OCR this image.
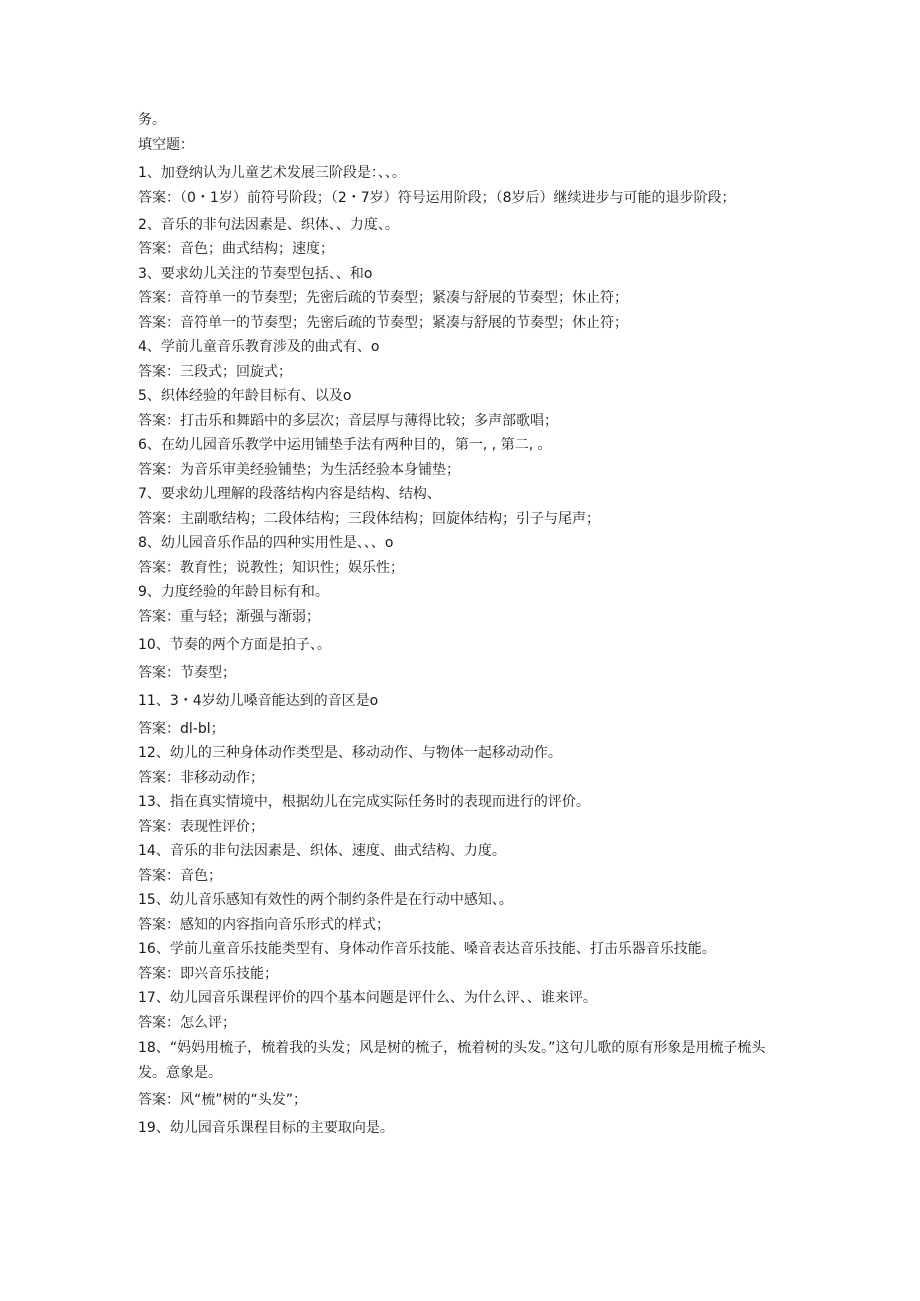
务。
填空题：
1、加登纳认为儿童艺术发展三阶段是：、、。
答案：（0・1岁）前符号阶段；（2・7岁）符号运用阶段；（8岁后）继续进步与可能的退步阶段；
2、音乐的非句法因素是、织体、、力度、。
答案：音色；曲式结构；速度；
3、要求幼儿关注的节奏型包括、、和o
答案：音符单一的节奏型；先密后疏的节奏型；紧凑与舒展的节奏型；休止符；
答案：音符单一的节奏型；先密后疏的节奏型；紧凑与舒展的节奏型；休止符；
4、学前儿童音乐教育涉及的曲式有、o
答案：三段式；回旋式；
5、织体经验的年龄目标有、以及o
答案：打击乐和舞蹈中的多层次；音层厚与薄得比较；多声部歌唱；
6、在幼儿园音乐教学中运用铺垫手法有两种目的，第一, , 第二, 。
答案：为音乐审美经验铺垫；为生活经验本身铺垫；
7、要求幼儿理解的段落结构内容是结构、结构、
答案：主副歌结构；二段体结构；三段体结构；回旋体结构；引子与尾声；
8、幼儿园音乐作品的四种实用性是、、、o
答案：教育性；说教性；知识性；娱乐性；
9、力度经验的年龄目标有和。
答案：重与轻；渐强与渐弱；
10、节奏的两个方面是拍子、。
答案：节奏型；
11、3・4岁幼儿嗓音能达到的音区是o
答案：dl-bl；
12、幼儿的三种身体动作类型是、移动动作、与物体一起移动动作。
答案：非移动动作；
13、指在真实情境中，根据幼儿在完成实际任务时的表现而进行的评价。
答案：表现性评价；
14、音乐的非句法因素是、织体、速度、曲式结构、力度。
答案：音色；
15、幼儿音乐感知有效性的两个制约条件是在行动中感知、。
答案：感知的内容指向音乐形式的样式；
16、学前儿童音乐技能类型有、身体动作音乐技能、嗓音表达音乐技能、打击乐器音乐技能。
答案：即兴音乐技能；
17、幼儿园音乐课程评价的四个基本问题是评什么、为什么评、、谁来评。
答案：怎么评；
18、“妈妈用梳子，梳着我的头发；风是树的梳子，梳着树的头发。”这句儿歌的原有形象是用梳子梳头发。意象是。
答案：风“梳”树的“头发”；
19、幼儿园音乐课程目标的主要取向是。
